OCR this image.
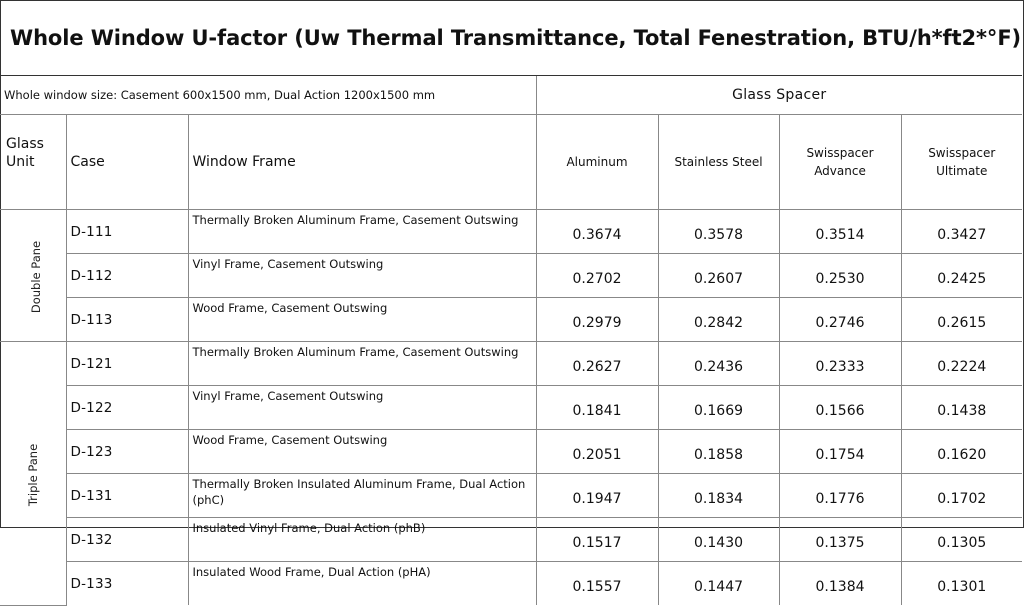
Whole Window U-factor (Uw Thermal Transmittance, Total Fenestration, BTU/h*ft2*°F)
Whole window size: Casement 600x1500 mm, Dual Action 1200x1500 mm			Glass Spacer			
Glass Unit	Case	Window Frame	Aluminum	Stainless Steel	Swisspacer Advance	Swisspacer Ultimate
Double Pane	D-111	Thermally Broken Aluminum Frame, Casement Outswing	0.3674	0.3578	0.3514	0.3427
	D-112	Vinyl Frame, Casement Outswing	0.2702	0.2607	0.2530	0.2425
	D-113	Wood Frame, Casement Outswing	0.2979	0.2842	0.2746	0.2615
Triple Pane	D-121	Thermally Broken Aluminum Frame, Casement Outswing	0.2627	0.2436	0.2333	0.2224
	D-122	Vinyl Frame, Casement Outswing	0.1841	0.1669	0.1566	0.1438
	D-123	Wood Frame, Casement Outswing	0.2051	0.1858	0.1754	0.1620
	D-131	Thermally Broken Insulated Aluminum Frame, Dual Action (phC)	0.1947	0.1834	0.1776	0.1702
	D-132	Insulated Vinyl Frame, Dual Action (phB)	0.1517	0.1430	0.1375	0.1305
	D-133	Insulated Wood Frame, Dual Action (pHA)	0.1557	0.1447	0.1384	0.1301
